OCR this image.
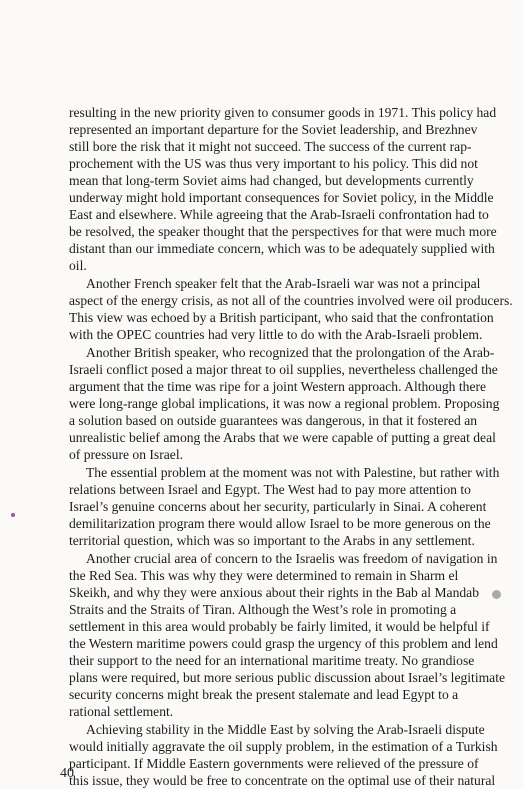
resulting in the new priority given to consumer goods in 1971. This policy had
represented an important departure for the Soviet leadership, and Brezhnev
still bore the risk that it might not succeed. The success of the current rap-
prochement with the US was thus very important to his policy. This did not
mean that long-term Soviet aims had changed, but developments currently
underway might hold important consequences for Soviet policy, in the Middle
East and elsewhere. While agreeing that the Arab-Israeli confrontation had to
be resolved, the speaker thought that the perspectives for that were much more
distant than our immediate concern, which was to be adequately supplied with
oil.
Another French speaker felt that the Arab-Israeli war was not a principal
aspect of the energy crisis, as not all of the countries involved were oil producers.
This view was echoed by a British participant, who said that the confrontation
with the OPEC countries had very little to do with the Arab-Israeli problem.
Another British speaker, who recognized that the prolongation of the Arab-
Israeli conflict posed a major threat to oil supplies, nevertheless challenged the
argument that the time was ripe for a joint Western approach. Although there
were long-range global implications, it was now a regional problem. Proposing
a solution based on outside guarantees was dangerous, in that it fostered an
unrealistic belief among the Arabs that we were capable of putting a great deal
of pressure on Israel.
The essential problem at the moment was not with Palestine, but rather with
relations between Israel and Egypt. The West had to pay more attention to
Israel’s genuine concerns about her security, particularly in Sinai. A coherent
demilitarization program there would allow Israel to be more generous on the
territorial question, which was so important to the Arabs in any settlement.
Another crucial area of concern to the Israelis was freedom of navigation in
the Red Sea. This was why they were determined to remain in Sharm el
Skeikh, and why they were anxious about their rights in the Bab al Mandab
Straits and the Straits of Tiran. Although the West’s role in promoting a
settlement in this area would probably be fairly limited, it would be helpful if
the Western maritime powers could grasp the urgency of this problem and lend
their support to the need for an international maritime treaty. No grandiose
plans were required, but more serious public discussion about Israel’s legitimate
security concerns might break the present stalemate and lead Egypt to a
rational settlement.
Achieving stability in the Middle East by solving the Arab-Israeli dispute
would initially aggravate the oil supply problem, in the estimation of a Turkish
participant. If Middle Eastern governments were relieved of the pressure of
this issue, they would be free to concentrate on the optimal use of their natural
40
